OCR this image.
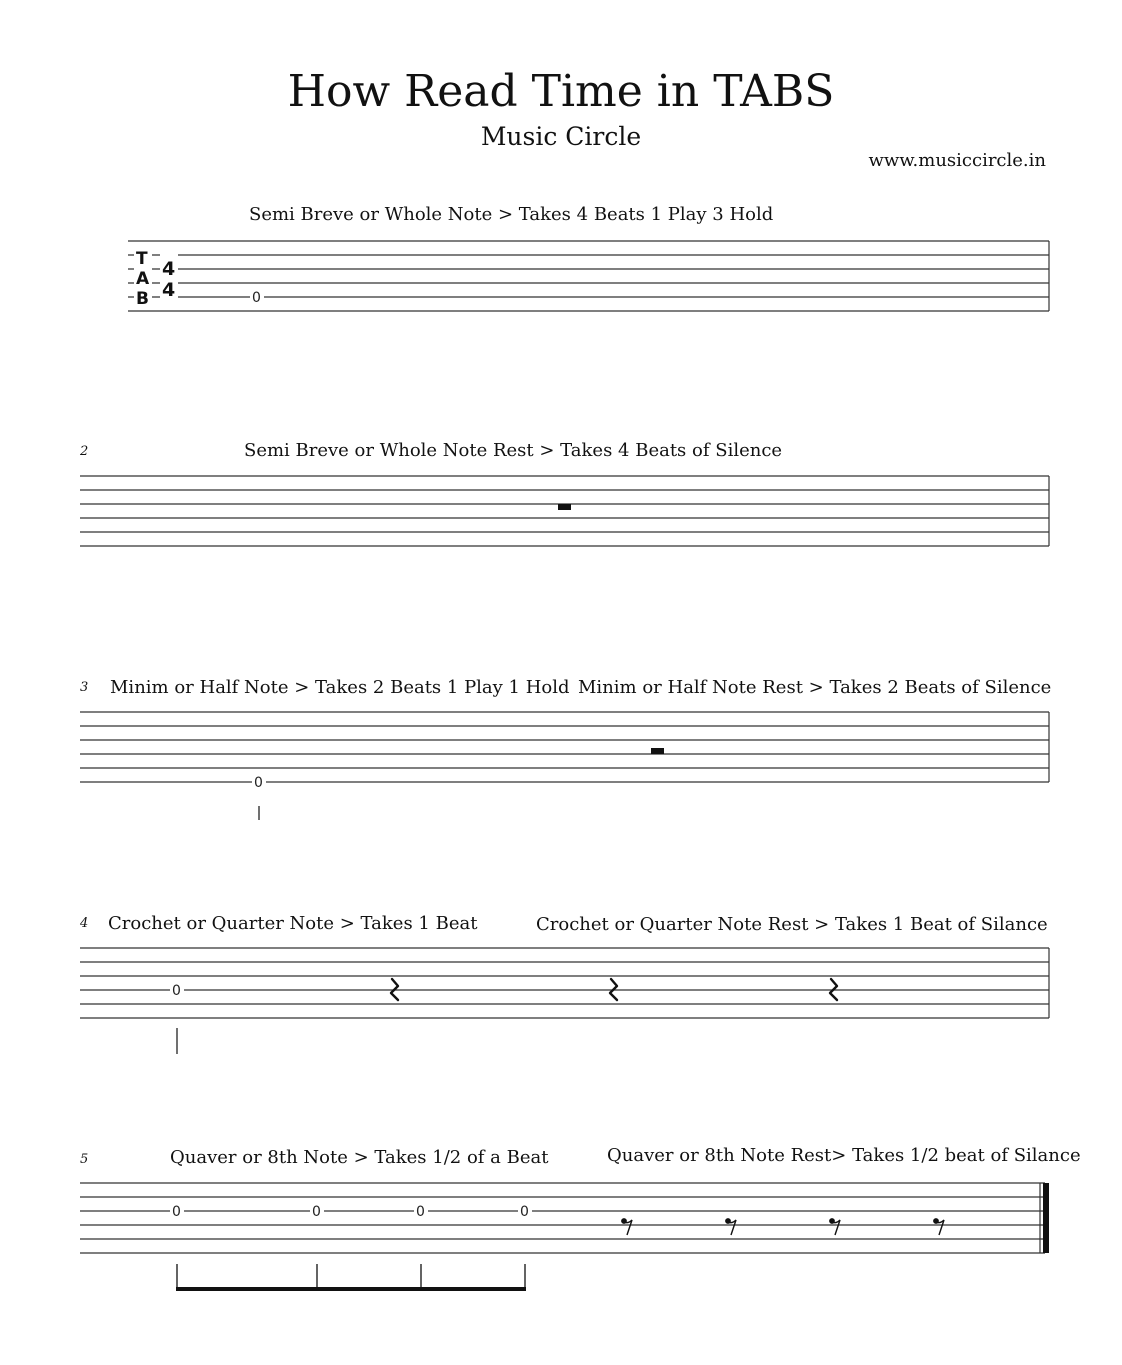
How Read Time in TABS
Music Circle
www.musiccircle.in
Semi Breve or Whole Note > Takes 4 Beats 1 Play 3 Hold
2	Semi Breve or Whole Note Rest > Takes 4 Beats of Silence
3 Minim or Half Note > Takes 2 Beats 1 Play 1 Hold Minim or Half Note Rest > Takes 2 Beats of Silence
4 Crochet or Quarter Note > Takes 1 Beat	Crochet or Quarter Note Rest > Takes 1 Beat of Silance
5	Quaver or 8th Note > Takes 1/2 of a Beat	Quaver or 8th Note Rest> Takes 1/2 beat of Silance
T
A
B
4
4	0
0
0
0	0	0	0
